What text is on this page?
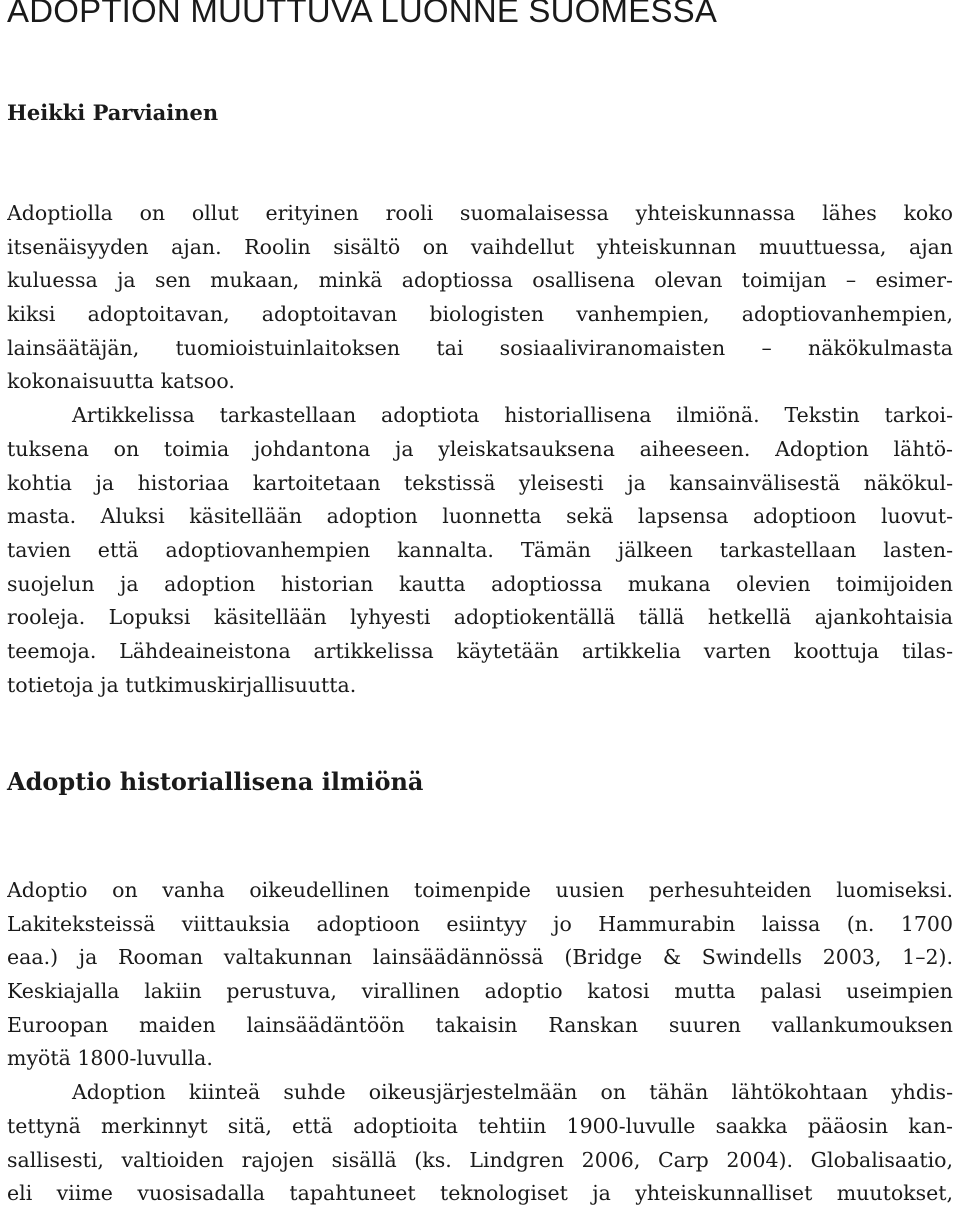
ADOPTION MUUTTUVA LUONNE SUOMESSA
Heikki Parviainen
Adoptiolla on ollut erityinen rooli suomalaisessa yhteiskunnassa lähes koko
itsenäisyyden ajan. Roolin sisältö on vaihdellut yhteiskunnan muuttuessa, ajan
kuluessa ja sen mukaan, minkä adoptiossa osallisena olevan toimijan – esimer-
kiksi adoptoitavan, adoptoitavan biologisten vanhempien, adoptiovanhempien,
lainsäätäjän, tuomioistuinlaitoksen tai sosiaaliviranomaisten – näkökulmasta
kokonaisuutta katsoo.
Artikkelissa tarkastellaan adoptiota historiallisena ilmiönä. Tekstin tarkoi-
tuksena on toimia johdantona ja yleiskatsauksena aiheeseen. Adoption lähtö-
kohtia ja historiaa kartoitetaan tekstissä yleisesti ja kansainvälisestä näkökul-
masta. Aluksi käsitellään adoption luonnetta sekä lapsensa adoptioon luovut-
tavien että adoptiovanhempien kannalta. Tämän jälkeen tarkastellaan lasten-
suojelun ja adoption historian kautta adoptiossa mukana olevien toimijoiden
rooleja. Lopuksi käsitellään lyhyesti adoptiokentällä tällä hetkellä ajankohtaisia
teemoja. Lähdeaineistona artikkelissa käytetään artikkelia varten koottuja tilas-
totietoja ja tutkimuskirjallisuutta.
Adoptio historiallisena ilmiönä
Adoptio on vanha oikeudellinen toimenpide uusien perhesuhteiden luomiseksi.
Lakiteksteissä viittauksia adoptioon esiintyy jo Hammurabin laissa (n. 1700
eaa.) ja Rooman valtakunnan lainsäädännössä (Bridge & Swindells 2003, 1–2).
Keskiajalla lakiin perustuva, virallinen adoptio katosi mutta palasi useimpien
Euroopan maiden lainsäädäntöön takaisin Ranskan suuren vallankumouksen
myötä 1800-luvulla.
Adoption kiinteä suhde oikeusjärjestelmään on tähän lähtökohtaan yhdis-
tettynä merkinnyt sitä, että adoptioita tehtiin 1900-luvulle saakka pääosin kan-
sallisesti, valtioiden rajojen sisällä (ks. Lindgren 2006, Carp 2004). Globalisaatio,
eli viime vuosisadalla tapahtuneet teknologiset ja yhteiskunnalliset muutokset,
